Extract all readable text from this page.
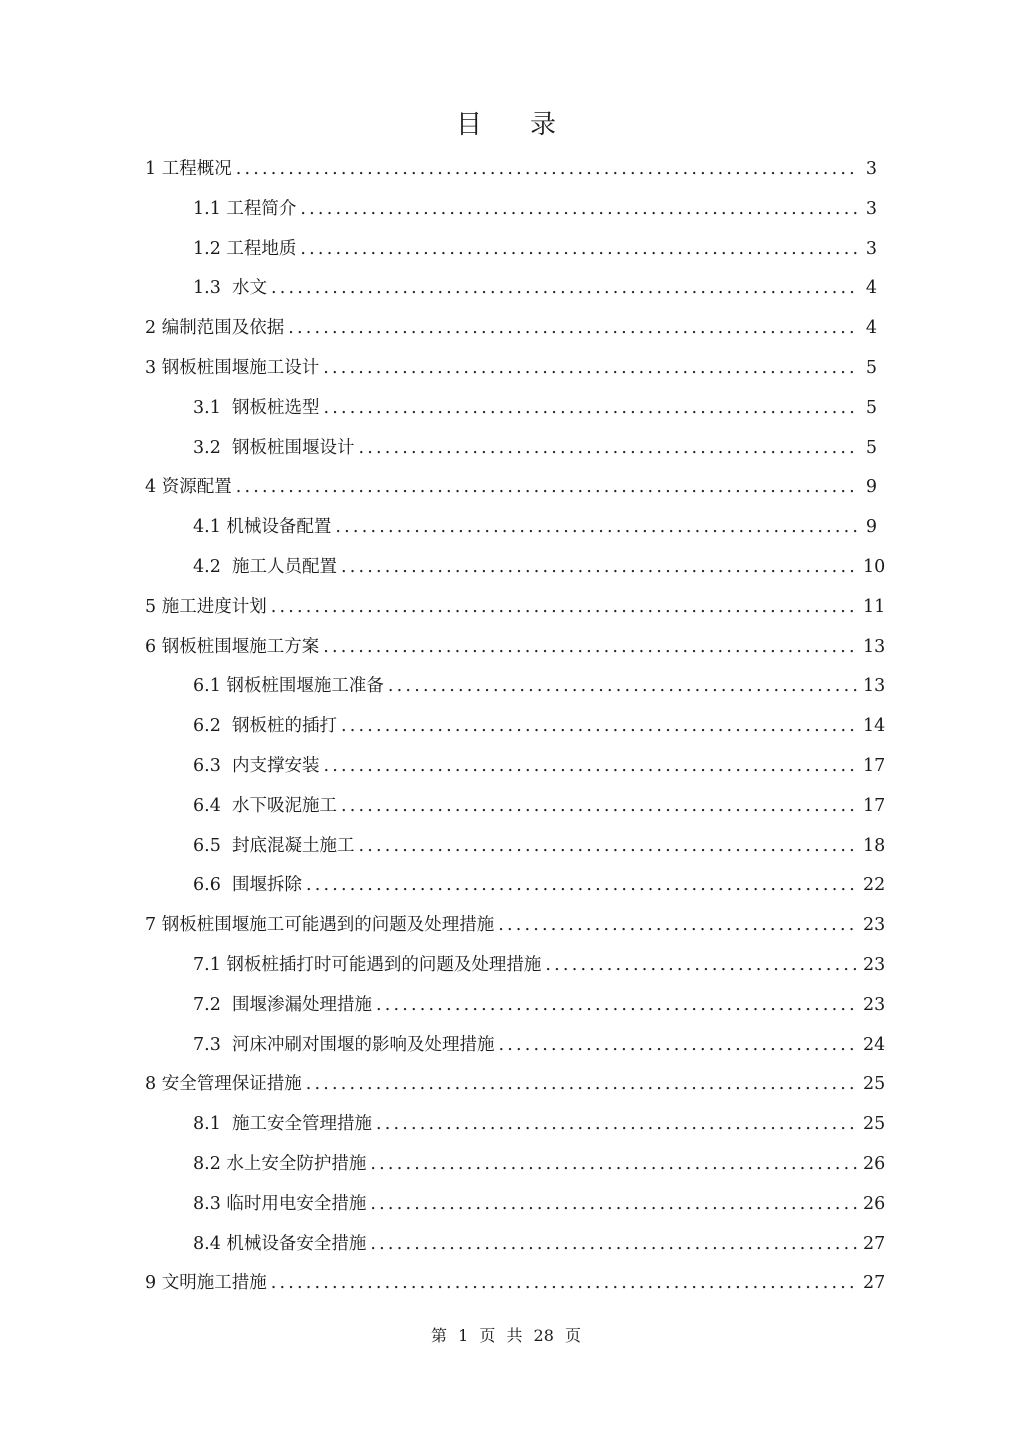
目 录
1 工程概况 .....	3
1.1 工程简介 .....	3
1.2 工程地质 .....	3
1.3 水文 .....	4
2 编制范围及依据 .....	4
3 钢板桩围堰施工设计 .....	5
3.1 钢板桩选型 .....	5
3.2 钢板桩围堰设计 .....	5
4 资源配置 .....	9
4.1 机械设备配置 .....	9
4.2 施工人员配置 .....	10
5 施工进度计划 .....	11
6 钢板桩围堰施工方案 .....	13
6.1 钢板桩围堰施工准备 .....	13
6.2 钢板桩的插打 .....	14
6.3 内支撑安装 .....	17
6.4 水下吸泥施工 .....	17
6.5 封底混凝土施工 .....	18
6.6 围堰拆除 .....	22
7 钢板桩围堰施工可能遇到的问题及处理措施 .....	23
7.1 钢板桩插打时可能遇到的问题及处理措施 .....	23
7.2 围堰渗漏处理措施 .....	23
7.3 河床冲刷对围堰的影响及处理措施 .....	24
8 安全管理保证措施 .....	25
8.1 施工安全管理措施 .....	25
8.2 水上安全防护措施 .....	26
8.3 临时用电安全措施 .....	26
8.4 机械设备安全措施 .....	27
9 文明施工措施 .....	27
第 1 页 共 28 页
